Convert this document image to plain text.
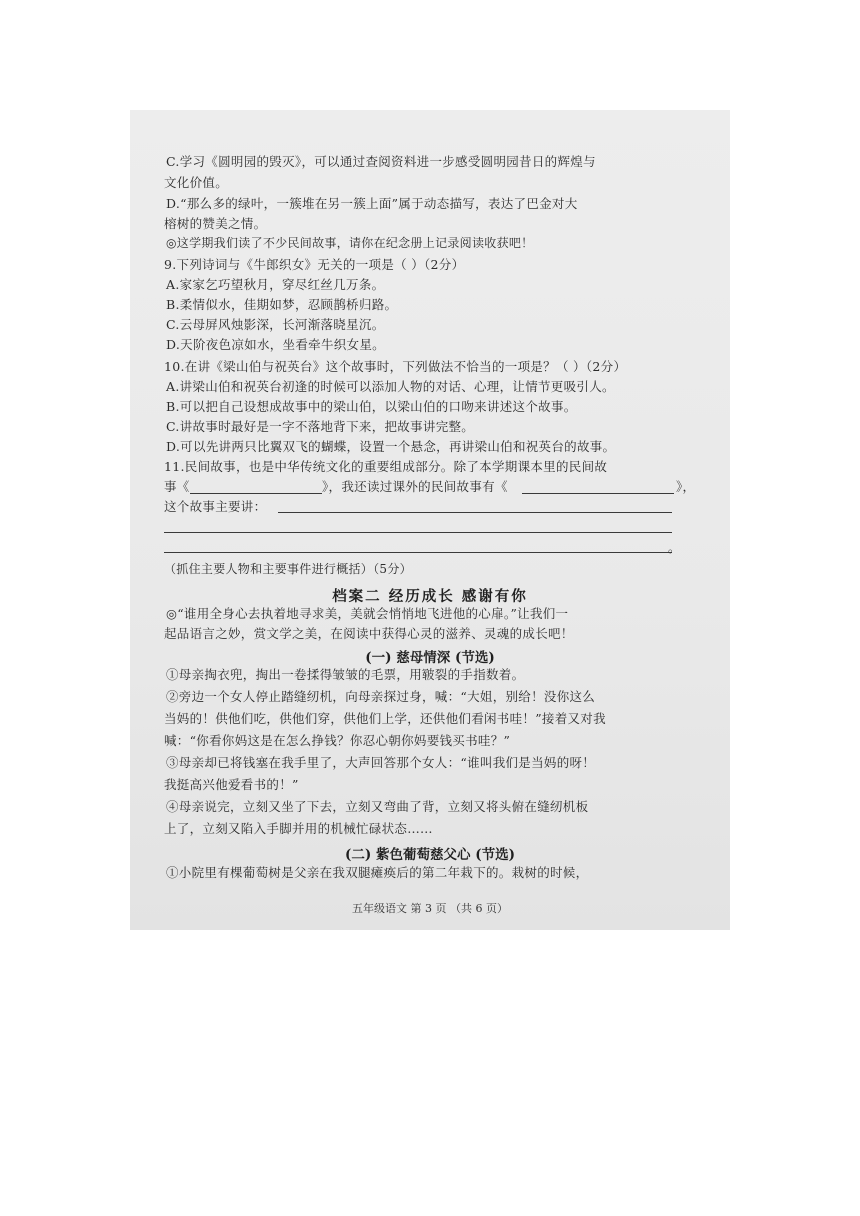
C.学习《圆明园的毁灭》，可以通过查阅资料进一步感受圆明园昔日的辉煌与
文化价值。
D.“那么多的绿叶，一簇堆在另一簇上面”属于动态描写，表达了巴金对大
榕树的赞美之情。
◎这学期我们读了不少民间故事，请你在纪念册上记录阅读收获吧！
9.下列诗词与《牛郎织女》无关的一项是（ ）（2分）
A.家家乞巧望秋月，穿尽红丝几万条。
B.柔情似水，佳期如梦，忍顾鹊桥归路。
C.云母屏风烛影深，长河渐落晓星沉。
D.天阶夜色凉如水，坐看牵牛织女星。
10.在讲《梁山伯与祝英台》这个故事时，下列做法不恰当的一项是？（ ）（2分）
A.讲梁山伯和祝英台初逢的时候可以添加人物的对话、心理，让情节更吸引人。
B.可以把自己设想成故事中的梁山伯，以梁山伯的口吻来讲述这个故事。
C.讲故事时最好是一字不落地背下来，把故事讲完整。
D.可以先讲两只比翼双飞的蝴蝶，设置一个悬念，再讲梁山伯和祝英台的故事。
11.民间故事，也是中华传统文化的重要组成部分。除了本学期课本里的民间故
事《	》，我还读过课外的民间故事有《	》，
这个故事主要讲：
。
（抓住主要人物和主要事件进行概括）（5分）
档案二 经历成长 感谢有你
◎“谁用全身心去执着地寻求美，美就会悄悄地飞进他的心扉。”让我们一
起品语言之妙，赏文学之美，在阅读中获得心灵的滋养、灵魂的成长吧！
(一) 慈母情深 (节选)
①母亲掏衣兜，掏出一卷揉得皱皱的毛票，用皲裂的手指数着。
②旁边一个女人停止踏缝纫机，向母亲探过身，喊：“大姐，别给！没你这么
当妈的！供他们吃，供他们穿，供他们上学，还供他们看闲书哇！”接着又对我
喊：“你看你妈这是在怎么挣钱？你忍心朝你妈要钱买书哇？”
③母亲却已将钱塞在我手里了，大声回答那个女人：“谁叫我们是当妈的呀！
我挺高兴他爱看书的！”
④母亲说完，立刻又坐了下去，立刻又弯曲了背，立刻又将头俯在缝纫机板
上了，立刻又陷入手脚并用的机械忙碌状态……
(二) 紫色葡萄慈父心 (节选)
①小院里有棵葡萄树是父亲在我双腿瘫痪后的第二年栽下的。栽树的时候，
五年级语文 第 3 页 （共 6 页）
